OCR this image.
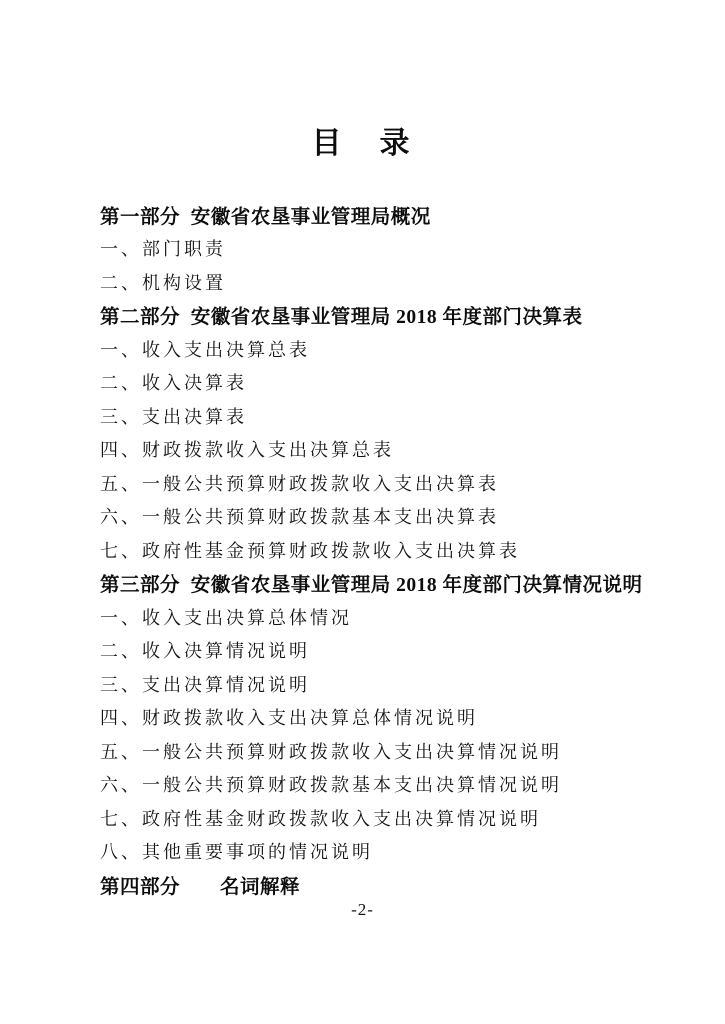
目　录
第一部分  安徽省农垦事业管理局概况
一、部门职责
二、机构设置
第二部分  安徽省农垦事业管理局 2018 年度部门决算表
一、收入支出决算总表
二、收入决算表
三、支出决算表
四、财政拨款收入支出决算总表
五、一般公共预算财政拨款收入支出决算表
六、一般公共预算财政拨款基本支出决算表
七、政府性基金预算财政拨款收入支出决算表
第三部分  安徽省农垦事业管理局 2018 年度部门决算情况说明
一、收入支出决算总体情况
二、收入决算情况说明
三、支出决算情况说明
四、财政拨款收入支出决算总体情况说明
五、一般公共预算财政拨款收入支出决算情况说明
六、一般公共预算财政拨款基本支出决算情况说明
七、政府性基金财政拨款收入支出决算情况说明
八、其他重要事项的情况说明
第四部分　　名词解释
-2-
